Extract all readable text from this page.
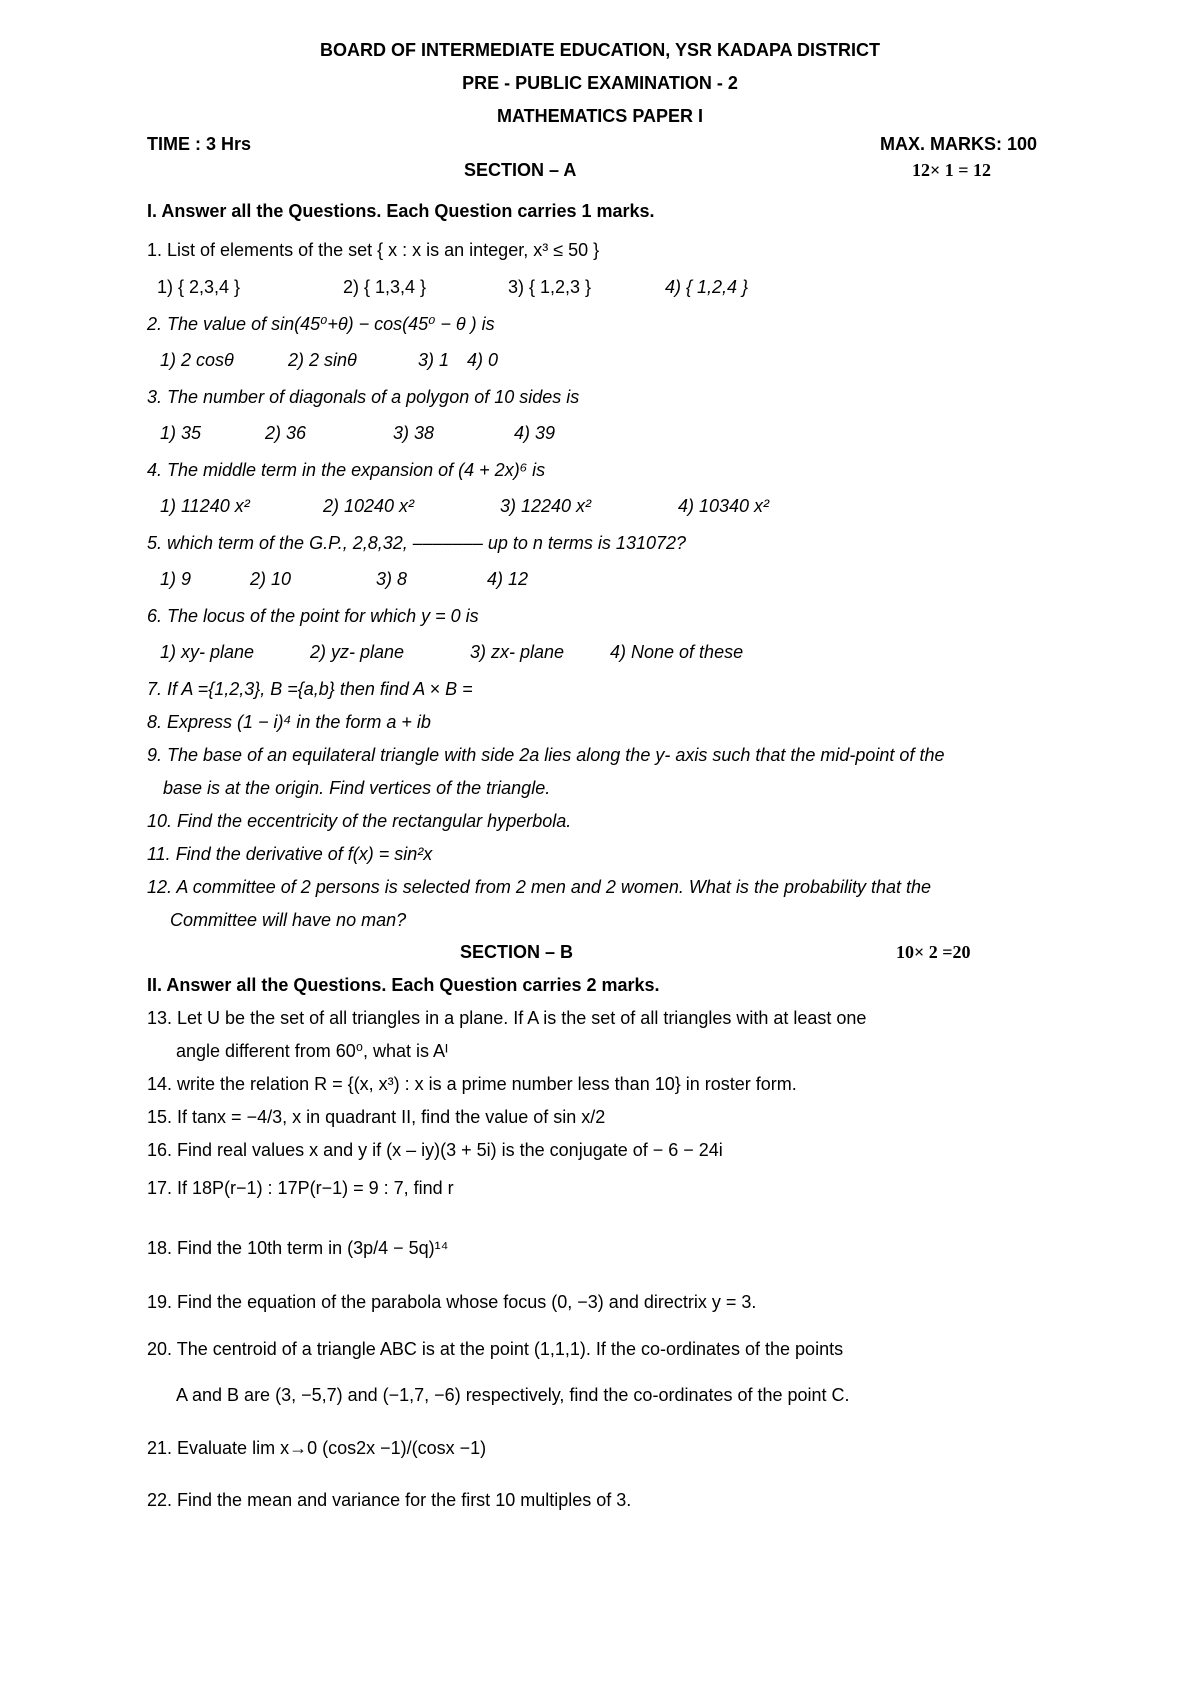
BOARD OF INTERMEDIATE EDUCATION, YSR KADAPA DISTRICT
PRE - PUBLIC EXAMINATION - 2
MATHEMATICS PAPER I
TIME : 3 Hrs	MAX. MARKS: 100
SECTION – A	12× 1 = 12
I. Answer all the Questions. Each Question carries 1 marks.
1. List of elements of the set { x : x is an integer, x³ ≤ 50 }
1) { 2,3,4 }	2) { 1,3,4 }	3) { 1,2,3 }	4) { 1,2,4 }
2. The value of sin(45⁰+θ) − cos(45⁰ − θ ) is
1) 2 cosθ	2) 2 sinθ	3) 1 4) 0
3. The number of diagonals of a polygon of 10 sides is
1) 35	2) 36	3) 38	4) 39
4. The middle term in the expansion of (4 + 2x)⁶ is
1) 11240 x²	2) 10240 x²	3) 12240 x²	4) 10340 x²
5. which term of the G.P., 2,8,32, ––––––– up to n terms is 131072?
1) 9	2) 10	3) 8	4) 12
6. The locus of the point for which y = 0 is
1) xy- plane	2) yz- plane	3) zx- plane	4) None of these
7. If A ={1,2,3}, B ={a,b} then find A × B =
8. Express (1 − i)⁴ in the form a + ib
9. The base of an equilateral triangle with side 2a lies along the y- axis such that the mid-point of the
base is at the origin. Find vertices of the triangle.
10. Find the eccentricity of the rectangular hyperbola.
11. Find the derivative of f(x) = sin²x
12. A committee of 2 persons is selected from 2 men and 2 women. What is the probability that the
Committee will have no man?
SECTION – B	10× 2 =20
II. Answer all the Questions. Each Question carries 2 marks.
13. Let U be the set of all triangles in a plane. If A is the set of all triangles with at least one
angle different from 60⁰, what is Aᴵ
14. write the relation R = {(x, x³) : x is a prime number less than 10} in roster form.
15. If tanx = −4/3, x in quadrant II, find the value of sin x/2
16. Find real values x and y if (x – iy)(3 + 5i) is the conjugate of − 6 − 24i
17. If 18P(r−1) : 17P(r−1) = 9 : 7, find r
18. Find the 10th term in (3p/4 − 5q)¹⁴
19. Find the equation of the parabola whose focus (0, −3) and directrix y = 3.
20. The centroid of a triangle ABC is at the point (1,1,1). If the co-ordinates of the points
A and B are (3, −5,7) and (−1,7, −6) respectively, find the co-ordinates of the point C.
21. Evaluate lim x→0 (cos2x −1)/(cosx −1)
22. Find the mean and variance for the first 10 multiples of 3.
